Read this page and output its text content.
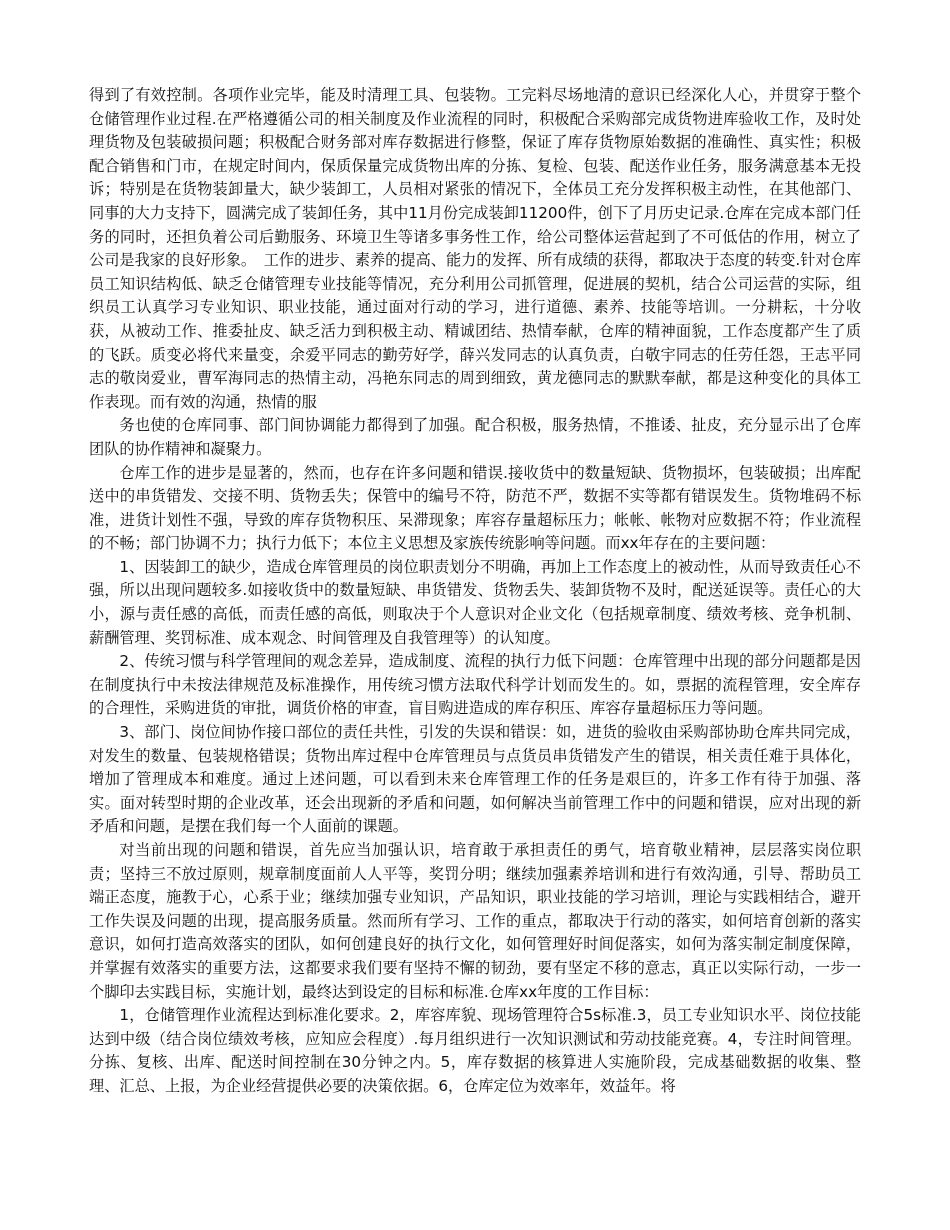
得到了有效控制。各项作业完毕，能及时清理工具、包装物。工完料尽场地清的意识已经深化人心，并贯穿于整个仓储管理作业过程.在严格遵循公司的相关制度及作业流程的同时，积极配合采购部完成货物进库验收工作，及时处理货物及包装破损问题；积极配合财务部对库存数据进行修整，保证了库存货物原始数据的准确性、真实性；积极配合销售和门市，在规定时间内，保质保量完成货物出库的分拣、复检、包装、配送作业任务，服务满意基本无投诉；特别是在货物装卸量大，缺少装卸工，人员相对紧张的情况下，全体员工充分发挥积极主动性，在其他部门、同事的大力支持下，圆满完成了装卸任务，其中11月份完成装卸11200件，创下了月历史记录.仓库在完成本部门任务的同时，还担负着公司后勤服务、环境卫生等诸多事务性工作，给公司整体运营起到了不可低估的作用，树立了公司是我家的良好形象。　工作的进步、素养的提高、能力的发挥、所有成绩的获得，都取决于态度的转变.针对仓库员工知识结构低、缺乏仓储管理专业技能等情况，充分利用公司抓管理，促进展的契机，结合公司运营的实际，组织员工认真学习专业知识、职业技能，通过面对行动的学习，进行道德、素养、技能等培训。一分耕耘，十分收获，从被动工作、推委扯皮、缺乏活力到积极主动、精诚团结、热情奉献，仓库的精神面貌，工作态度都产生了质的飞跃。质变必将代来量变，余爱平同志的勤劳好学，薛兴发同志的认真负责，白敬宇同志的任劳任怨，王志平同志的敬岗爱业，曹军海同志的热情主动，冯艳东同志的周到细致，黄龙德同志的默默奉献，都是这种变化的具体工作表现。而有效的沟通，热情的服

务也使的仓库同事、部门间协调能力都得到了加强。配合积极，服务热情，不推诿、扯皮，充分显示出了仓库团队的协作精神和凝聚力。

仓库工作的进步是显著的，然而，也存在许多问题和错误.接收货中的数量短缺、货物损坏，包装破损；出库配送中的串货错发、交接不明、货物丢失；保管中的编号不符，防范不严，数据不实等都有错误发生。货物堆码不标准，进货计划性不强，导致的库存货物积压、呆滞现象；库容存量超标压力；帐帐、帐物对应数据不符；作业流程的不畅；部门协调不力；执行力低下；本位主义思想及家族传统影响等问题。而xx年存在的主要问题：

1、因装卸工的缺少，造成仓库管理员的岗位职责划分不明确，再加上工作态度上的被动性，从而导致责任心不强，所以出现问题较多.如接收货中的数量短缺、串货错发、货物丢失、装卸货物不及时，配送延误等。责任心的大小，源与责任感的高低，而责任感的高低，则取决于个人意识对企业文化（包括规章制度、绩效考核、竞争机制、薪酬管理、奖罚标准、成本观念、时间管理及自我管理等）的认知度。

2、传统习惯与科学管理间的观念差异，造成制度、流程的执行力低下问题：仓库管理中出现的部分问题都是因在制度执行中未按法律规范及标准操作，用传统习惯方法取代科学计划而发生的。如，票据的流程管理，安全库存的合理性，采购进货的审批，调货价格的审查，盲目购进造成的库存积压、库容存量超标压力等问题。

3、部门、岗位间协作接口部位的责任共性，引发的失误和错误：如，进货的验收由采购部协助仓库共同完成，对发生的数量、包装规格错误；货物出库过程中仓库管理员与点货员串货错发产生的错误，相关责任难于具体化，增加了管理成本和难度。通过上述问题，可以看到未来仓库管理工作的任务是艰巨的，许多工作有待于加强、落实。面对转型时期的企业改革，还会出现新的矛盾和问题，如何解决当前管理工作中的问题和错误，应对出现的新矛盾和问题，是摆在我们每一个人面前的课题。

对当前出现的问题和错误，首先应当加强认识，培育敢于承担责任的勇气，培育敬业精神，层层落实岗位职责；坚持三不放过原则，规章制度面前人人平等，奖罚分明；继续加强素养培训和进行有效沟通，引导、帮助员工端正态度，施教于心，心系于业；继续加强专业知识，产品知识，职业技能的学习培训，理论与实践相结合，避开工作失误及问题的出现，提高服务质量。然而所有学习、工作的重点，都取决于行动的落实，如何培育创新的落实意识，如何打造高效落实的团队，如何创建良好的执行文化，如何管理好时间促落实，如何为落实制定制度保障，并掌握有效落实的重要方法，这都要求我们要有坚持不懈的韧劲，要有坚定不移的意志，真正以实际行动，一步一个脚印去实践目标，实施计划，最终达到设定的目标和标准.仓库xx年度的工作目标：

1，仓储管理作业流程达到标准化要求。2，库容库貌、现场管理符合5s标准.3，员工专业知识水平、岗位技能达到中级（结合岗位绩效考核，应知应会程度）.每月组织进行一次知识测试和劳动技能竞赛。4，专注时间管理。分拣、复核、出库、配送时间控制在30分钟之内。5，库存数据的核算进人实施阶段，完成基础数据的收集、整理、汇总、上报，为企业经营提供必要的决策依据。6，仓库定位为效率年，效益年。将
